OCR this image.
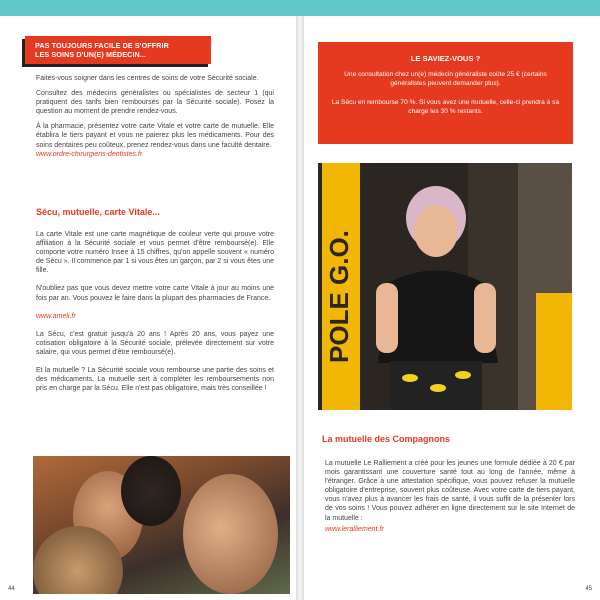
PAS TOUJOURS FACILE DE S'OFFRIR
LES SOINS D'UN(E) MÉDECIN...

Faites-vous soigner dans les centres de soins de votre Sécurité sociale.

Consultez des médecins généralistes ou spécialistes de secteur 1 (qui pratiquent des tarifs bien remboursés par la Sécurité sociale). Posez la question au moment de prendre rendez-vous.

À la pharmacie, présentez votre carte Vitale et votre carte de mutuelle. Elle établira le tiers payant et vous ne paierez plus les médicaments. Pour des soins dentaires peu coûteux, prenez rendez-vous dans une faculté dentaire.

www.ordre-chirurgiens-dentistes.fr
Sécu, mutuelle, carte Vitale...

La carte Vitale est une carte magnétique de couleur verte qui prouve votre affiliation à la Sécurité sociale et vous permet d'être remboursé(e). Elle comporte votre numéro Insee à 15 chiffres, qu'on appelle souvent « numéro de Sécu ». Il commence par 1 si vous êtes un garçon, par 2 si vous êtes une fille.

N'oubliez pas que vous devez mettre votre carte Vitale à jour au moins une fois par an. Vous pouvez le faire dans la plupart des pharmacies de France.

www.ameli.fr

La Sécu, c'est gratuit jusqu'à 20 ans ! Après 20 ans, vous payez une cotisation obligatoire à la Sécurité sociale, prélevée directement sur votre salaire, qui vous permet d'être remboursé(e).

Et la mutuelle ? La Sécurité sociale vous rembourse une partie des soins et des médicaments. La mutuelle sert à compléter les remboursements non pris en charge par la Sécu. Elle n'est pas obligatoire, mais très conseillée !

44
LE SAVIEZ-VOUS ?
Une consultation chez un(e) médecin généraliste coûte 25 € (certains généralistes peuvent demander plus).
La Sécu en rembourse 70 %. Si vous avez une mutuelle, celle-ci prendra à sa charge les 30 % restants.
POLE G.O.
La mutuelle des Compagnons

La mutuelle Le Ralliement a créé pour les jeunes une formule dédiée à 20 € par mois garantissant une couverture santé tout au long de l'année, même à l'étranger. Grâce à une attestation spécifique, vous pouvez refuser la mutuelle obligatoire d'entreprise, souvent plus coûteuse. Avec votre carte de tiers payant, vous n'avez plus à avancer les frais de santé, il vous suffit de la présenter lors de vos soins ! Vous pouvez adhérer en ligne directement sur le site Internet de la mutuelle :

www.leralliement.fr
45
